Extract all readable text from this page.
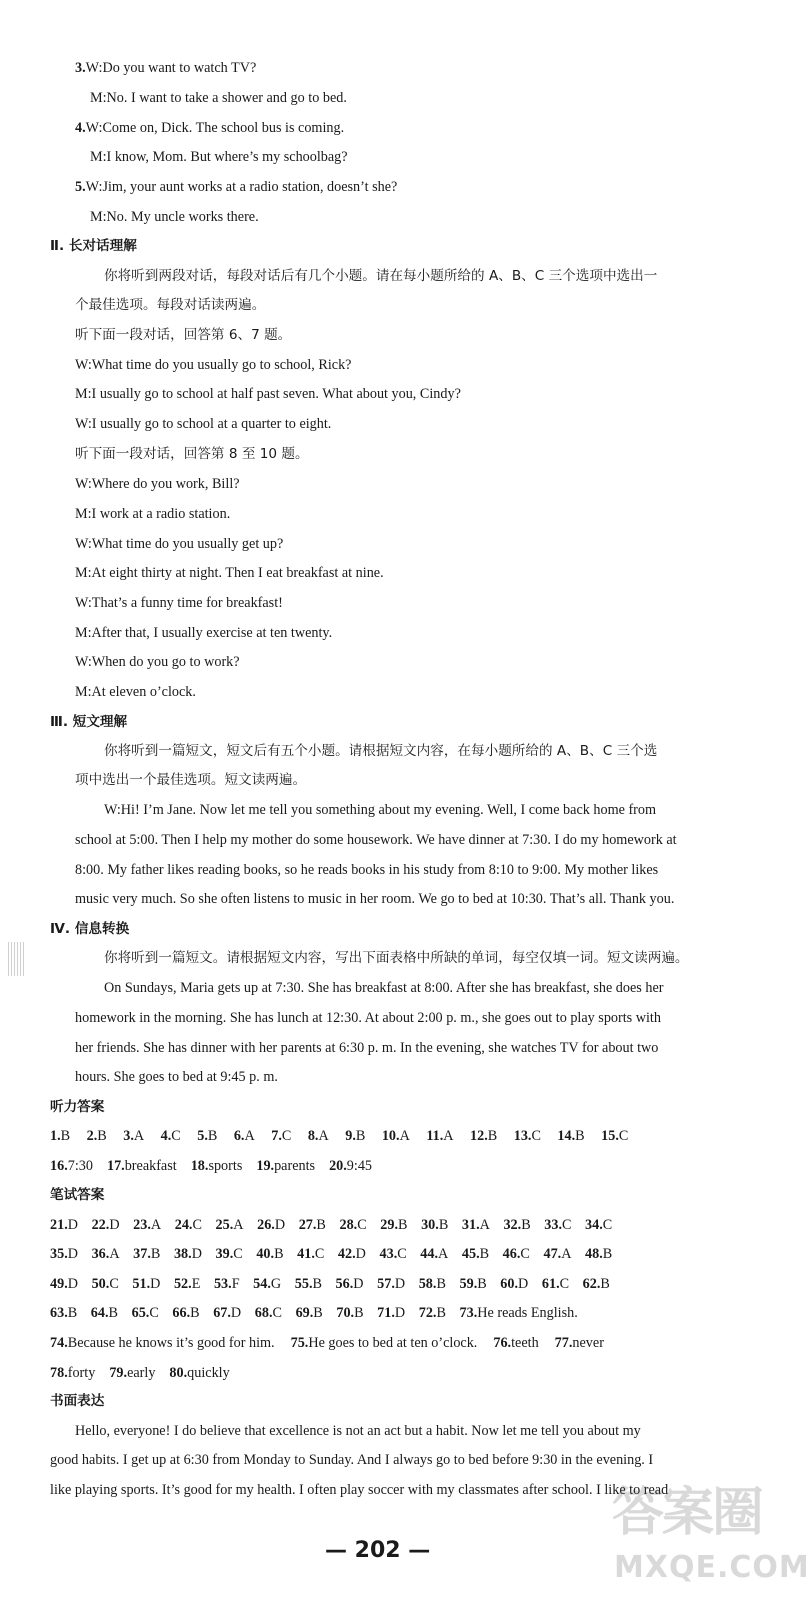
3.W:Do you want to watch TV?
M:No. I want to take a shower and go to bed.
4.W:Come on, Dick. The school bus is coming.
M:I know, Mom. But where’s my schoolbag?
5.W:Jim, your aunt works at a radio station, doesn’t she?
M:No. My uncle works there.
Ⅱ. 长对话理解
你将听到两段对话，每段对话后有几个小题。请在每小题所给的 A、B、C 三个选项中选出一
个最佳选项。每段对话读两遍。
听下面一段对话，回答第 6、7 题。
W:What time do you usually go to school, Rick?
M:I usually go to school at half past seven. What about you, Cindy?
W:I usually go to school at a quarter to eight.
听下面一段对话，回答第 8 至 10 题。
W:Where do you work, Bill?
M:I work at a radio station.
W:What time do you usually get up?
M:At eight thirty at night. Then I eat breakfast at nine.
W:That’s a funny time for breakfast!
M:After that, I usually exercise at ten twenty.
W:When do you go to work?
M:At eleven o’clock.
Ⅲ. 短文理解
你将听到一篇短文，短文后有五个小题。请根据短文内容，在每小题所给的 A、B、C 三个选
项中选出一个最佳选项。短文读两遍。
W:Hi! I’m Jane. Now let me tell you something about my evening. Well, I come back home from
school at 5:00. Then I help my mother do some housework. We have dinner at 7:30. I do my homework at
8:00. My father likes reading books, so he reads books in his study from 8:10 to 9:00. My mother likes
music very much. So she often listens to music in her room. We go to bed at 10:30. That’s all. Thank you.
Ⅳ. 信息转换
你将听到一篇短文。请根据短文内容，写出下面表格中所缺的单词，每空仅填一词。短文读两遍。
On Sundays, Maria gets up at 7:30. She has breakfast at 8:00. After she has breakfast, she does her
homework in the morning. She has lunch at 12:30. At about 2:00 p. m., she goes out to play sports with
her friends. She has dinner with her parents at 6:30 p. m. In the evening, she watches TV for about two
hours. She goes to bed at 9:45 p. m.
听力答案
1.B 2.B 3.A 4.C 5.B 6.A 7.C 8.A 9.B 10.A 11.A 12.B 13.C 14.B 15.C
16.7:30 17.breakfast 18.sports 19.parents 20.9:45
笔试答案
21.D 22.D 23.A 24.C 25.A 26.D 27.B 28.C 29.B 30.B 31.A 32.B 33.C 34.C
35.D 36.A 37.B 38.D 39.C 40.B 41.C 42.D 43.C 44.A 45.B 46.C 47.A 48.B
49.D 50.C 51.D 52.E 53.F 54.G 55.B 56.D 57.D 58.B 59.B 60.D 61.C 62.B
63.B 64.B 65.C 66.B 67.D 68.C 69.B 70.B 71.D 72.B 73.He reads English.
74.Because he knows it’s good for him. 75.He goes to bed at ten o’clock. 76.teeth 77.never
78.forty 79.early 80.quickly
书面表达
Hello, everyone! I do believe that excellence is not an act but a habit. Now let me tell you about my
good habits. I get up at 6:30 from Monday to Sunday. And I always go to bed before 9:30 in the evening. I
like playing sports. It’s good for my health. I often play soccer with my classmates after school. I like to read
— 202 —
答案圈
MXQE.COM
